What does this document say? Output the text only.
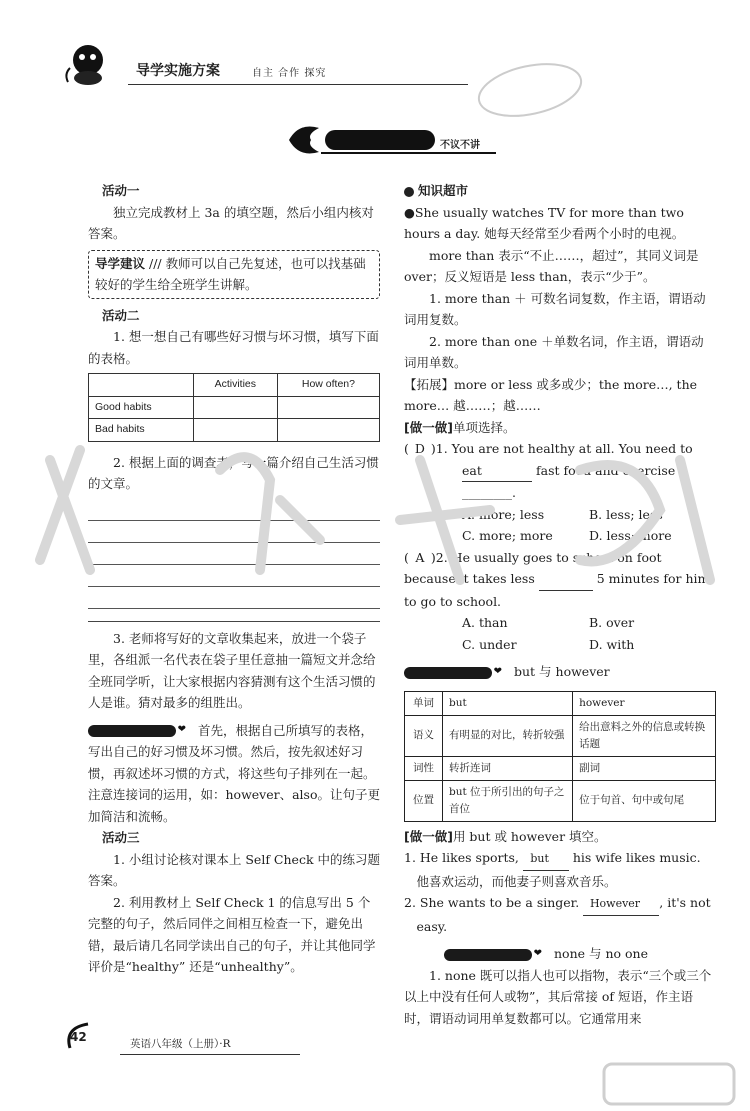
导学实施方案	自主 合作 探究
不议不讲
活动一
独立完成教材上 3a 的填空题，然后小组内核对答案。
导学建议 /// 教师可以自己先复述，也可以找基础较好的学生给全班学生讲解。
活动二
1. 想一想自己有哪些好习惯与坏习惯，填写下面的表格。
	Activities	How often?
Good habits		
Bad habits		
2. 根据上面的调查表，写一篇介绍自己生活习惯的文章。
3. 老师将写好的文章收集起来，放进一个袋子里，各组派一名代表在袋子里任意抽一篇短文并念给全班同学听，让大家根据内容猜测有这个生活习惯的人是谁。猜对最多的组胜出。
❤首先，根据自己所填写的表格，写出自己的好习惯及坏习惯。然后，按先叙述好习惯，再叙述坏习惯的方式，将这些句子排列在一起。注意连接词的运用，如：however、also。让句子更加简洁和流畅。
活动三
1. 小组讨论核对课本上 Self Check 中的练习题答案。
2. 利用教材上 Self Check 1 的信息写出 5 个完整的句子，然后同伴之间相互检查一下，避免出错，最后请几名同学读出自己的句子，并让其他同学评价是“healthy” 还是“unhealthy”。
知识超市
●She usually watches TV for more than two hours a day. 她每天经常至少看两个小时的电视。
more than 表示“不止……，超过”，其同义词是 over；反义短语是 less than，表示“少于”。
1. more than ＋ 可数名词复数，作主语，谓语动词用复数。
2. more than one ＋单数名词，作主语，谓语动词用单数。
【拓展】more or less 或多或少；the more…, the more… 越……；越……
[做一做]单项选择。
( D )1. You are not healthy at all. You need to
eat	fast food and exercise
________.
A. more; less	B. less; less
C. more; more	D. less; more
( A )2. He usually goes to school on foot because it takes less	5 minutes for him to go to school.
A. than	B. over
C. under	D. with
❤but 与 however
单词	but	however
语义	有明显的对比，转折较强	给出意料之外的信息或转换话题
词性	转折连词	副词
位置	but 位于所引出的句子之首位	位于句首、句中或句尾
[做一做]用 but 或 however 填空。
1. He likes sports, but his wife likes music. 他喜欢运动，而他妻子则喜欢音乐。
2. She wants to be a singer. However , it's not easy.
❤none 与 no one
1. none 既可以指人也可以指物，表示“三个或三个以上中没有任何人或物”，其后常接 of 短语，作主语时，谓语动词用单复数都可以。它通常用来
42	英语八年级（上册）·R
